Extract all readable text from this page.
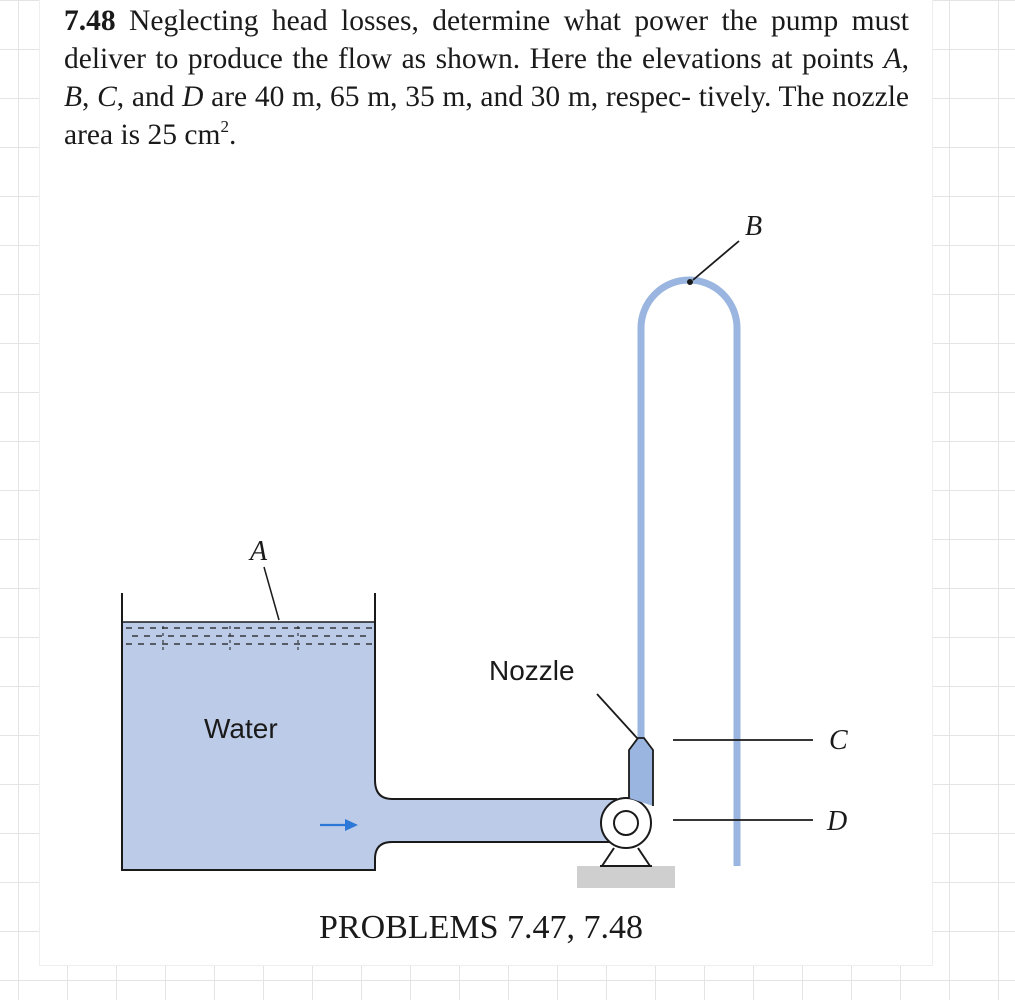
7.48 Neglecting head losses, determine what power the pump must deliver to produce the flow as shown. Here the elevations at points A, B, C, and D are 40 m, 65 m, 35 m, and 30 m, respec- tively. The nozzle area is 25 $cm^2$.

A
Water
Nozzle
B
C
D
PROBLEMS 7.47, 7.48
